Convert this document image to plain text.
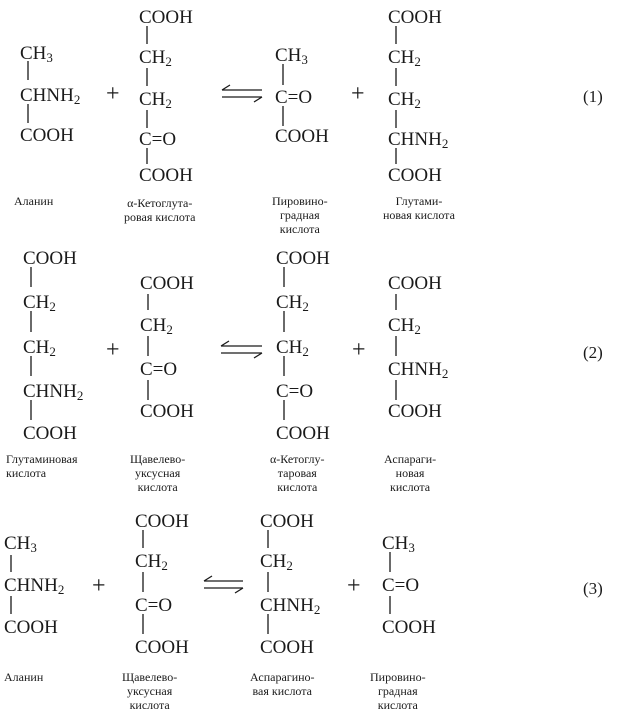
$CH_3$
$CHNH_2$
COOH
Аланин
+
COOH
$CH_2$
$CH_2$
C=O
COOH
α-Кетоглута-
ровая кислота
$CH_3$
C=O
COOH
Пировино-
градная
кислота
+
COOH
$CH_2$
$CH_2$
$CHNH_2$
COOH
Глутами-
новая кислота
(1)
COOH
$CH_2$
$CH_2$
$CHNH_2$
COOH
Глутаминовая
кислота
+
COOH
$CH_2$
C=O
COOH
Щавелево-
уксусная
кислота
COOH
$CH_2$
$CH_2$
C=O
COOH
α-Кетоглу-
таровая
кислота
+
COOH
$CH_2$
$CHNH_2$
COOH
Аспараги-
новая
кислота
(2)
$CH_3$
$CHNH_2$
COOH
Аланин
+
COOH
$CH_2$
C=O
COOH
Щавелево-
уксусная
кислота
COOH
$CH_2$
$CHNH_2$
COOH
Аспарагино-
вая кислота
+
$CH_3$
C=O
COOH
Пировино-
градная
кислота
(3)
